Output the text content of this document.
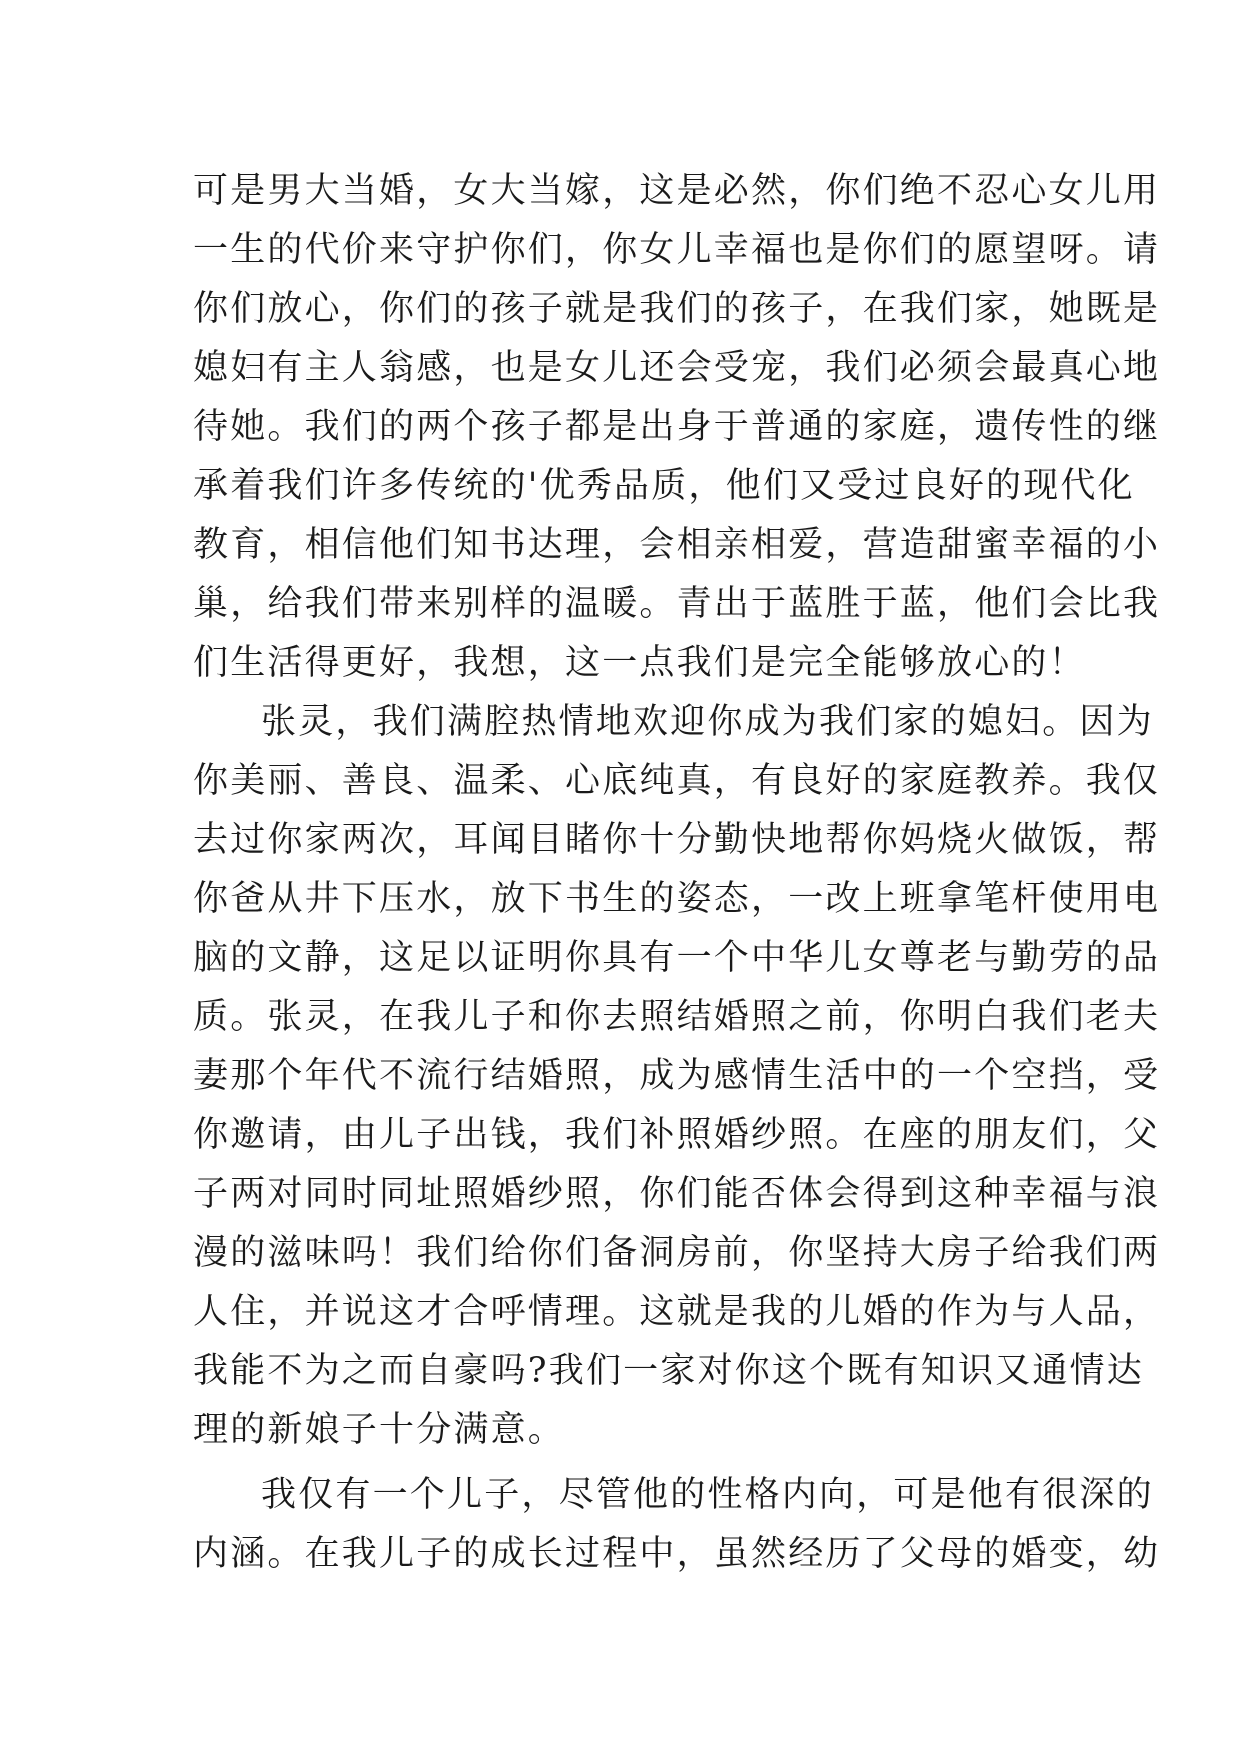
可是男大当婚，女大当嫁，这是必然，你们绝不忍心女儿用
一生的代价来守护你们，你女儿幸福也是你们的愿望呀。请
你们放心，你们的孩子就是我们的孩子，在我们家，她既是
媳妇有主人翁感，也是女儿还会受宠，我们必须会最真心地
待她。我们的两个孩子都是出身于普通的家庭，遗传性的继
承着我们许多传统的'优秀品质，他们又受过良好的现代化
教育，相信他们知书达理，会相亲相爱，营造甜蜜幸福的小
巢，给我们带来别样的温暖。青出于蓝胜于蓝，他们会比我
们生活得更好，我想，这一点我们是完全能够放心的！
张灵，我们满腔热情地欢迎你成为我们家的媳妇。因为
你美丽、善良、温柔、心底纯真，有良好的家庭教养。我仅
去过你家两次，耳闻目睹你十分勤快地帮你妈烧火做饭，帮
你爸从井下压水，放下书生的姿态，一改上班拿笔杆使用电
脑的文静，这足以证明你具有一个中华儿女尊老与勤劳的品
质。张灵，在我儿子和你去照结婚照之前，你明白我们老夫
妻那个年代不流行结婚照，成为感情生活中的一个空挡，受
你邀请，由儿子出钱，我们补照婚纱照。在座的朋友们，父
子两对同时同址照婚纱照，你们能否体会得到这种幸福与浪
漫的滋味吗！我们给你们备洞房前，你坚持大房子给我们两
人住，并说这才合呼情理。这就是我的儿婚的作为与人品，
我能不为之而自豪吗?我们一家对你这个既有知识又通情达
理的新娘子十分满意。
我仅有一个儿子，尽管他的性格内向，可是他有很深的
内涵。在我儿子的成长过程中，虽然经历了父母的婚变，幼
